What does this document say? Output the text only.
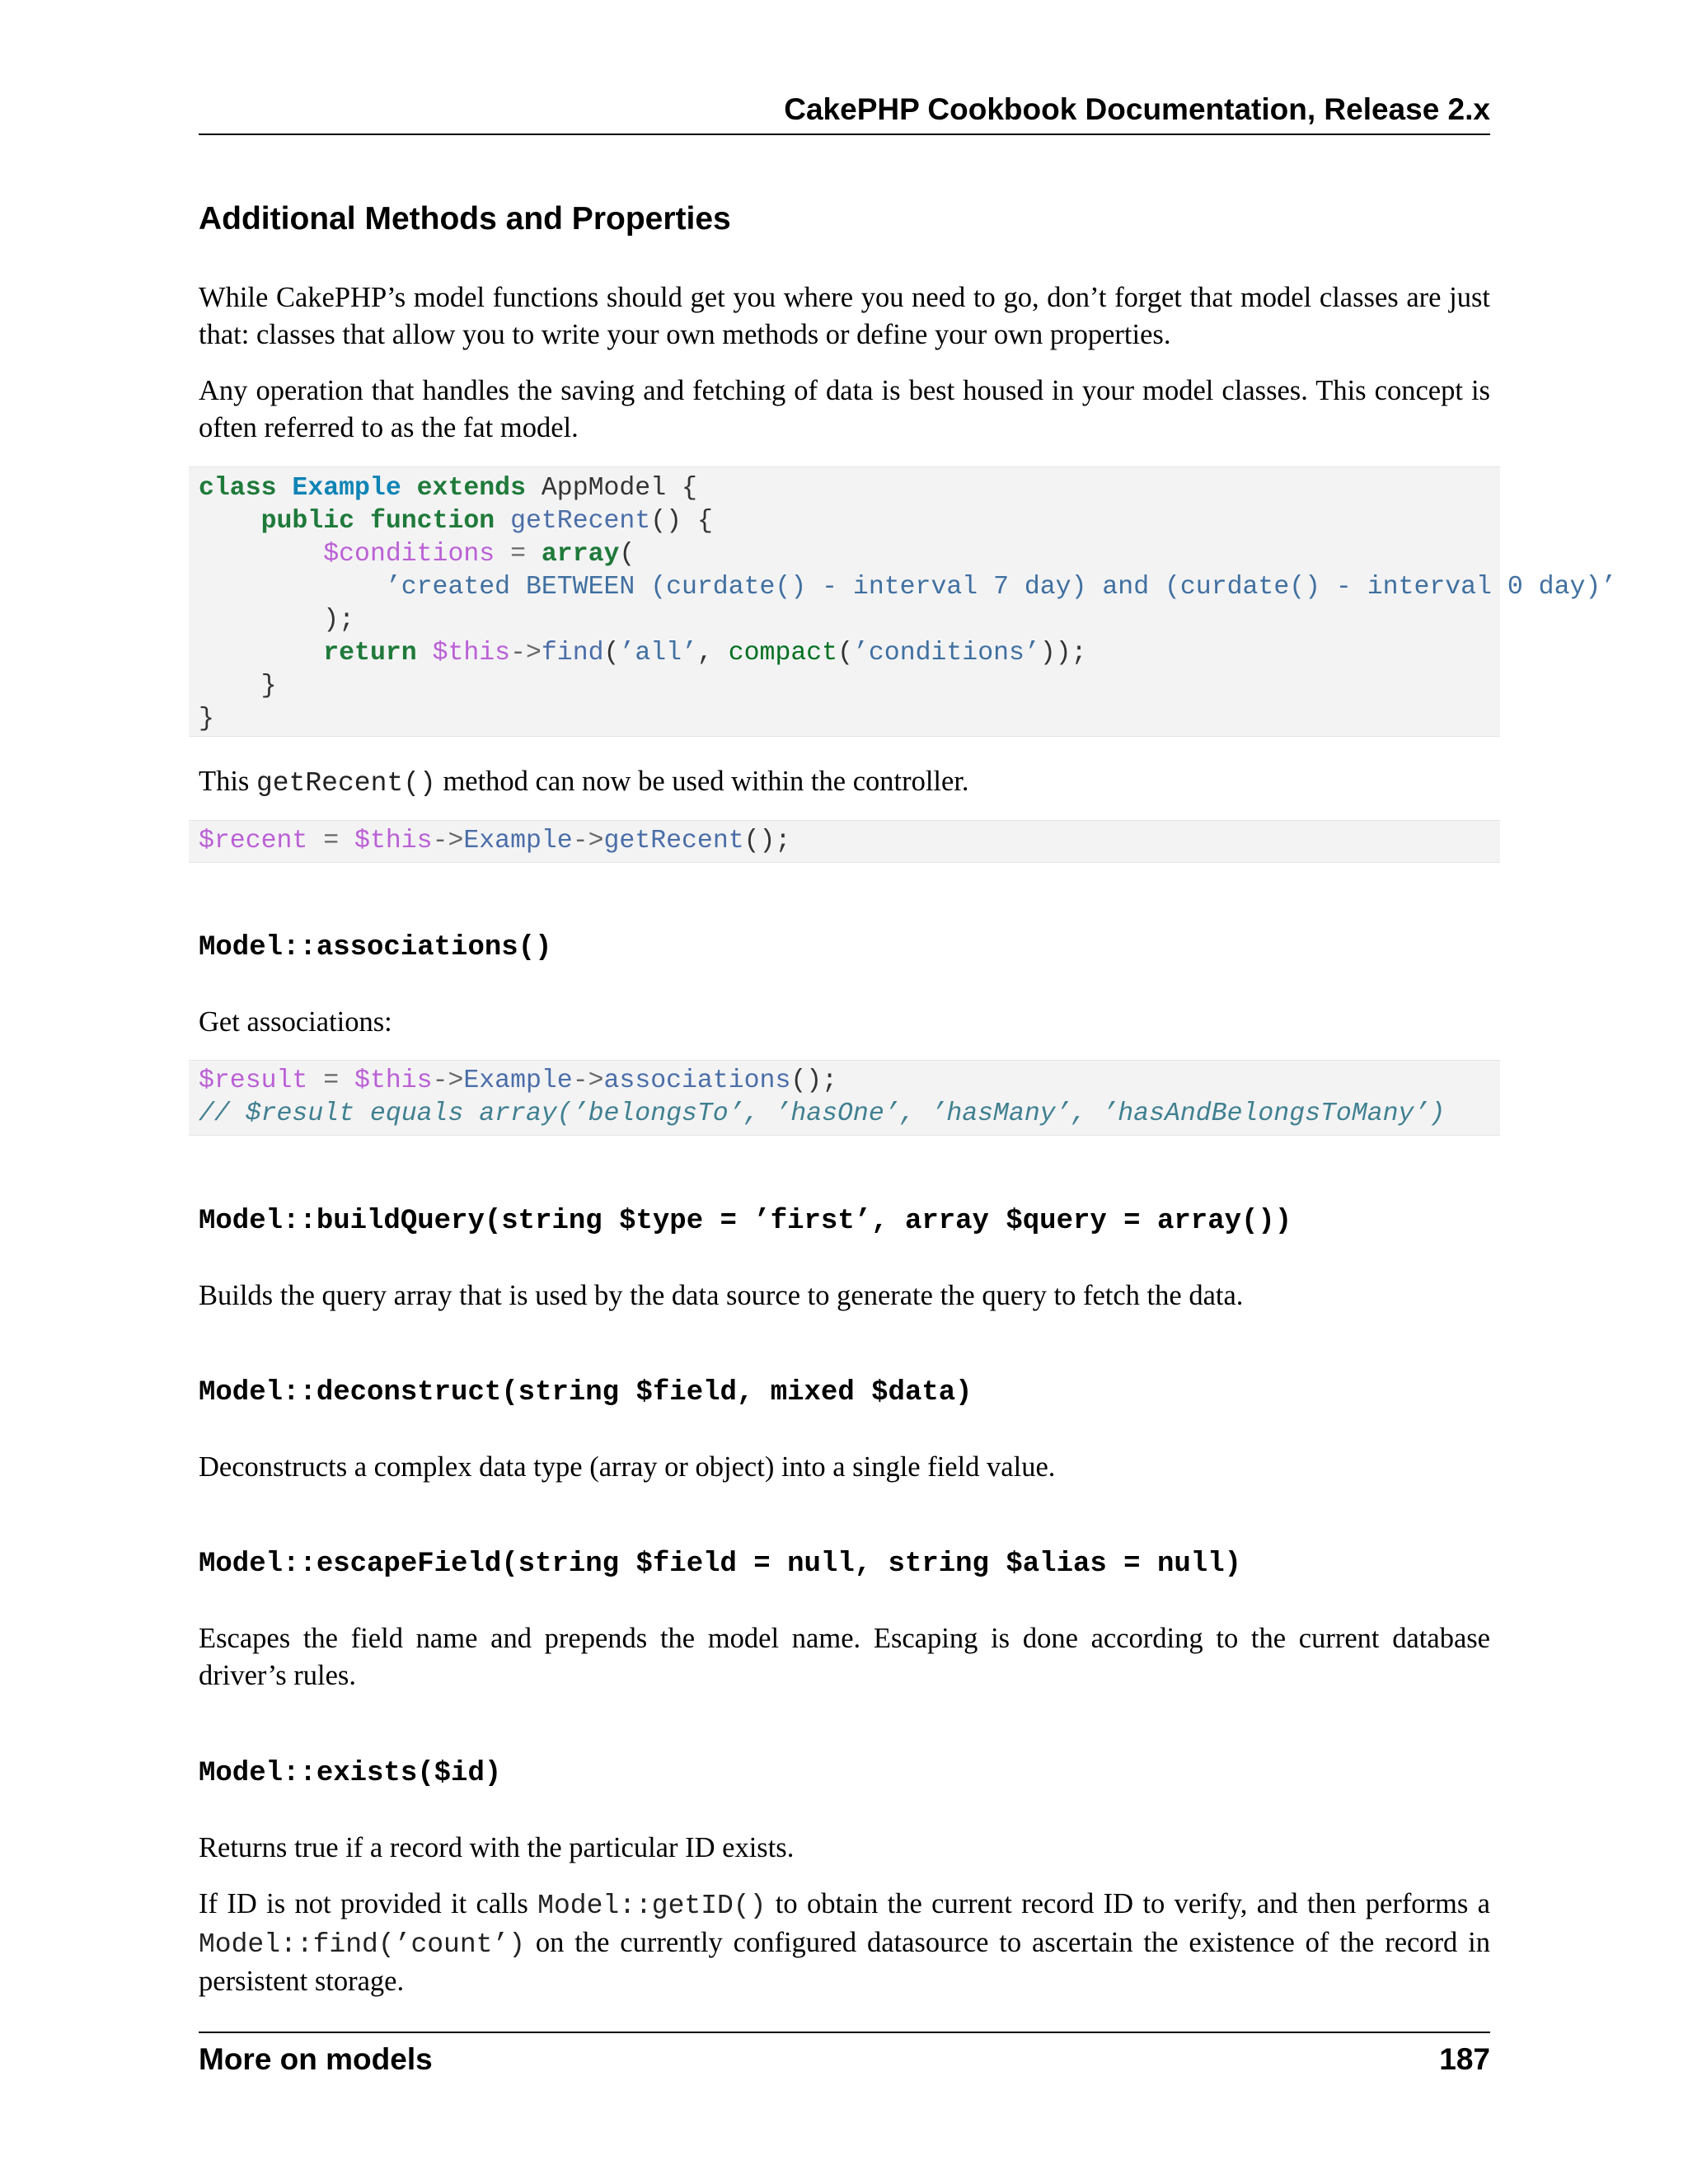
CakePHP Cookbook Documentation, Release 2.x
Additional Methods and Properties
While CakePHP’s model functions should get you where you need to go, don’t forget that model classes are just that: classes that allow you to write your own methods or define your own properties.
Any operation that handles the saving and fetching of data is best housed in your model classes. This concept is often referred to as the fat model.

class Example extends AppModel {

public function getRecent() {

$conditions = array(

’created BETWEEN (curdate() - interval 7 day) and (curdate() - interval 0 day)’

);

return $this->find(’all’, compact(’conditions’));

}

}

This getRecent() method can now be used within the controller.

$recent = $this->Example->getRecent();

Model::associations()
Get associations:

$result = $this->Example->associations();

// $result equals array(’belongsTo’, ’hasOne’, ’hasMany’, ’hasAndBelongsToMany’)

Model::buildQuery(string $type = ’first’, array $query = array())
Builds the query array that is used by the data source to generate the query to fetch the data.
Model::deconstruct(string $field, mixed $data)
Deconstructs a complex data type (array or object) into a single field value.
Model::escapeField(string $field = null, string $alias = null)
Escapes the field name and prepends the model name. Escaping is done according to the current database driver’s rules.
Model::exists($id)
Returns true if a record with the particular ID exists.
If ID is not provided it calls Model::getID() to obtain the current record ID to verify, and then performs a Model::find(’count’) on the currently configured datasource to ascertain the existence of the record in persistent storage.
More on models	187
